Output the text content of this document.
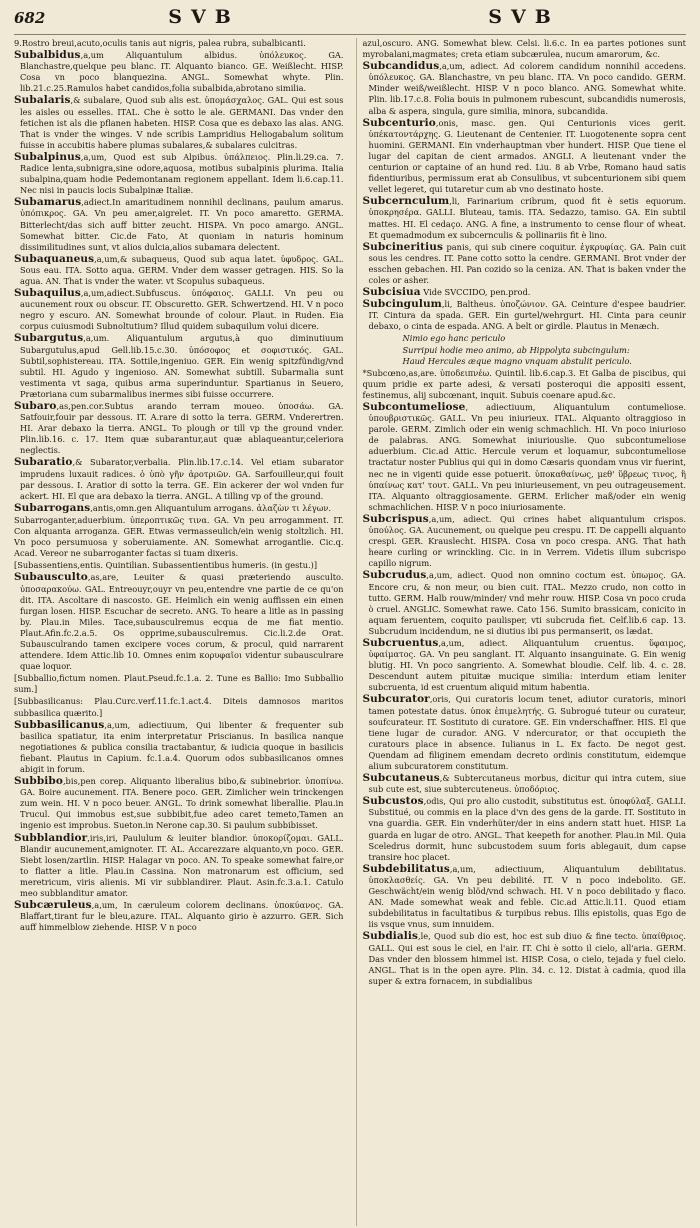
682	SVB	SVB

9.Rostro breui,acuto,oculis tanis aut nigris, palea rubra, subalbicanti.

Subalbidus,a,um Aliquantulum albidus. ὑπόλευκος. GA. Blanchastre,quelque peu blanc. IT. Alquanto bianco. GE. Weißlecht. HISP. Cosa vn poco blanquezina. ANGL. Somewhat whyte. Plin. lib.21.c.25.Ramulos habet candidos,folia subalbida,abrotano similia.

Subalaris,& subalare, Quod sub alis est. ὑπομάσχαλος. GAL. Qui est sous les aisles ou esselles. ITAL. Che è sotto le ale. GERMANI. Das vnder den fetichen ist als die pflanen habeten. HISP. Cosa que es debaxo las alas. ANG. That is vnder the winges. V nde scribis Lampridius Heliogabalum solitum fuisse in accubitis habere plumas subalares,& subalares culcitras.

Subalpinus,a,um, Quod est sub Alpibus. ὑπάλπειος. Plin.li.29.ca. 7. Radice lenta,subnigra,sine odore,aquosa, motibus subalpinis plurima. Italia subalpina,quam hodie Pedemontanam regionem appellant. Idem li.6.cap.11. Nec nisi in paucis locis Subalpinæ Italiæ.

Subamarus,adiect.In amaritudinem nonnihil declinans, paulum amarus. ὑπόπικρος. GA. Vn peu amer,aigrelet. IT. Vn poco amaretto. GERMA. Bitterlecht/das sich auff bitter zeucht. HISPA. Vn poco amargo. ANGL. Somewhat bitter. Cic.de Fato, At quoniam in naturis hominum dissimilitudines sunt, vt alios dulcia,alios subamara delectent.

Subaquaneus,a,um,& subaqueus, Quod sub aqua latet. ὑφυδρος. GAL. Sous eau. ITA. Sotto aqua. GERM. Vnder dem wasser getragen. HIS. So la agua. AN. That is vnder the water. vt Scopulus subaqueus.

Subaquilus,a,um,adiect.Subfuscus. ὑπόφαιος. GALLI. Vn peu ou aucunement roux ou obscur. IT. Obscuretto. GER. Schwertzend. HI. V n poco negro y escuro. AN. Somewhat brounde of colour. Plaut. in Ruden. Eia corpus cuiusmodi Subnoltutium? Illud quidem subaquilum volui dicere.

Subargutus,a,um. Aliquantulum argutus,à quo diminutiuum Subargutulus,apud Gell.lib.15.c.30. ὑπόσοφος et σοφιστικός. GAL. Subtil,sophistereau. ITA. Sottile,ingeniuo. GER. Ein wenig spitzfündig/vnd subtil. HI. Agudo y ingenioso. AN. Somewhat subtill. Subarmalia sunt vestimenta vt saga, quibus arma superinduntur. Spartianus in Seuero, Prætoriana cum subarmalibus inermes sibi fuisse occurrere.

Subaro,as,pen.cor.Subtus arando terram moueo. ὑποσάω. GA. Satfouir,fouir par dessous. IT. A.rare di sotto la terra. GERM. Vnderertren. HI. Arar debaxo la tierra. ANGL. To plough or till vp the ground vnder. Plin.lib.16. c. 17. Item quæ subarantur,aut quæ ablaqueantur,celeriora neglectis.

Subaratio,& Subarator,verbalia. Plin.lib.17.c.14. Vel etiam subarator imprudens luxauit radices. ὁ ὑπὸ γῆν ἀροτριῶν. GA. Sarfouilleur,qui fouit par dessous. I. Aratior di sotto la terra. GE. Ein ackerer der wol vnden fur ackert. HI. El que ara debaxo la tierra. ANGL. A tilling vp of the ground.

Subarrogans,antis,omn.gen Aliquantulum arrogans. ἀλαζὼν τι λέγων.

Subarroganter,aduerbium. ὑπεροπτικῶς τινα. GA. Vn peu arrogamment. IT. Con alquanta arroganza. GER. Etwas vermasseulich/ein wenig stoltzlich. HI. Vn poco persumuosa y soberuiamente. AN. Somewhat arrogantlie. Cic.q. Acad. Vereor ne subarroganter factas si tuam dixeris.

[Subassentiens,entis. Quintilian. Subassentientibus humeris. (in gestu.)]

Subausculto,as,are, Leuiter & quasi præteriendo ausculto. ὑποσαρακούω. GAL. Entreouyr,ouyr vn peu,entendre vne partie de ce qu'on dit. ITA. Ascoltare di nascosto. GE. Heimlich ein wenig auffissen ein einen furgan losen. HISP. Escuchar de secreto. ANG. To heare a litle as in passing by. Plau.in Miles. Tace,subausculremus ecqua de me fiat mentio. Plaut.Afin.fc.2.a.5. Os opprime,subausculremus. Cic.li.2.de Orat. Subausculrando tamen excipere voces corum, & procul, quid narrarent attendere. Idem Attic.lib 10. Omnes enim κορυφαῖοι videntur subausculrare quae loquor.

[Subballio,fictum nomen. Plaut.Pseud.fc.1.a. 2. Tune es Ballio: Imo Subballio sum.]

[Subbasilicanus: Plau.Curc.verf.11.fc.1.act.4. Diteis damnosos maritos subbasilica quærito.]

Subbasilicanus,a,um, adiectiuum, Qui libenter & frequenter sub basilica spatiatur, ita enim interpretatur Priscianus. In basilica nanque negotiationes & publica consilia tractabantur, & iudicia quoque in basilicis fiebant. Plautus in Capium. fc.1.a.4. Quorum odos subbasilicanos omnes abigit in forum.

Subbibo,bis,pen corep. Aliquanto liberalius bibo,& subinebrior. ὑποπίνω. GA. Boire aucunement. ITA. Benere poco. GER. Zimlicher wein trinckengen zum wein. HI. V n poco beuer. ANGL. To drink somewhat liberallie. Plau.in Trucul. Qui immobus est,sue subbibit,fue adeo caret temeto,Tamen an ingenio est improbus. Sueton.in Nerone cap.30. Si paulum subbibisset.

Subblandior,iris,iri, Paululum & leuiter blandior. ὑποκορίζομαι. GALL. Blandir aucunement,amignoter. IT. AL. Accarezzare alquanto,vn poco. GER. Siebt losen/zartlin. HISP. Halagar vn poco. AN. To speake somewhat faire,or to flatter a litle. Plau.in Cassina. Non matronarum est officium, sed meretricum, viris alienis. Mi vir subblandirer. Plaut. Asin.fc.3.a.1. Catulo meo subblanditur amator.

Subcæruleus,a,um, In cæruleum colorem declinans. ὑποκύανος. GA. Blaffart,tirant fur le bleu,azure. ITAL. Alquanto girio è azzurro. GER. Sich auff himmelblow ziehende. HISP. V n poco

azul,oscuro. ANG. Somewhat blew. Celsi. li.6.c. In ea partes potiones sunt myrobalani,magmates; creta etiam subcærulea, nucum amarorum, &c.

Subcandidus,a,um, adiect. Ad colorem candidum nonnihil accedens. ὑπόλευκος. GA. Blanchastre, vn peu blanc. ITA. Vn poco candido. GERM. Minder weiß/weißlecht. HISP. V n poco blanco. ANG. Somewhat white. Plin. lib.17.c.8. Folia bouis in pulmonem rubescunt, subcandidis numerosis, alba & aspera, singula, gure similia, minora, subcandida.

Subcenturio,onis, masc. gen. Qui Centurionis vices gerit. ὑπέκατοντάρχης. G. Lieutenant de Centenier. IT. Luogotenente sopra cent huomini. GERMANI. Ein vnderhauptman vber hundert. HISP. Que tiene el lugar del capitan de cient armados. ANGLI. A lieutenant vnder the centurion or captaine of an hund red. Liu. 8 ab Vrbe, Romano haud satis fidentiuribus, permissum erat ab Consulibus, vt subcenturionem sibi quem vellet legeret, qui tutaretur cum ab vno destinato hoste.

Subcernculum,li, Farinarium cribrum, quod fit è setis equorum. ὑποκρησέρα. GALLI. Bluteau, tamis. ITA. Sedazzo, tamiso. GA. Ein subtil mattes. HI. El cedaço. ANG. A fine, a instrumento to cense flour of wheat. Et quemadmodum ex subcernculis & pollinariis fit è lino.

Subcineritius panis, qui sub cinere coquitur. ἐγκρυφίας. GA. Pain cuit sous les cendres. IT. Pane cotto sotto la cendre. GERMANI. Brot vnder der esschen gebachen. HI. Pan cozido so la ceniza. AN. That is baken vnder the coles or asher.

Subcisiua Vide SVCCIDO, pen.prod.

Subcingulum,li, Baltheus. ὑποζώνιον. GA. Ceinture d'espee baudrier. IT. Cintura da spada. GER. Ein gurtel/wehrgurt. HI. Cinta para ceunir debaxo, o cinta de espada. ANG. A belt or girdle. Plautus in Menæch.

Nimio ego hanc periculo
Surripui hodie meo animo, ab Hippolyta subcingulum:
Haud Hercules æque magno vnquam abstulit periculo.

*Subcœno,as,are. ὑποδειπνέω. Quintil. lib.6.cap.3. Et Galba de piscibus, qui quum pridie ex parte adesi, & versati posteroqui die appositi essent, festinemus, alij subcœnant, inquit. Subuis coenare apud.&c.

Subcontumeliose, adiectiuum, Aliquantulum contumeliose. ὑπουβριστικῶς. GALL. Vn peu iniurieux. ITAL. Alquanto oltraggioso in parole. GERM. Zimlich oder ein wenig schmachlich. HI. Vn poco iniurioso de palabras. ANG. Somewhat iniuriouslie. Quo subcontumeliose aduerbium. Cic.ad Attic. Hercule verum et loquamur, subcontumeliose tractatur noster Publius qui qui in domo Cæsaris quondam vnus vir fuerint, nec ne in vigenti quide esse potuerit. ὑποκαθαίνως, μεθ' ὕβρεως τινος, ἢ ὑπαίνως κατ' τουτ. GALL. Vn peu iniurieusement, vn peu outrageusement. ITA. Alquanto oltraggiosamente. GERM. Erlicher maß/oder ein wenig schmachlichen. HISP. V n poco iniuriosamente.

Subcrispus,a,um, adiect. Qui crines habet aliquantulum crispos. ὑπούλος. GA. Aucunement, ou quelque peu crespu. IT. De cappelli alquanto crespi. GER. Krauslecht. HISPA. Cosa vn poco crespa. ANG. That hath heare curling or wrinckling. Cic. in in Verrem. Videtis illum subcrispo capillo nigrum.

Subcrudus,a,um, adiect. Quod non omnino coctum est. ὑπωμος. GA. Encore cru, & non meur, ou bien cuit. ITAL. Mezzo crudo, non cotto in tutto. GERM. Halb rouw/minder/ vnd mehr rouw. HISP. Cosa vn poco cruda ò cruel. ANGLIC. Somewhat rawe. Cato 156. Sumito brassicam, conicito in aquam feruentem, coquito paulisper, vti subcruda fiet. Celf.lib.6 cap. 13. Subcrudum incidendum, ne si diutius ibi pus permanserit, os lædat.

Subcruentus,a,um, adiect. Aliquantulum cruentus. ὕφαιμος, ὑφαίματος. GA. Vn peu sanglant. IT. Alquanto insanguinate. G. Ein wenig blutig. HI. Vn poco sangriento. A. Somewhat bloudie. Celf. lib. 4. c. 28. Descendunt autem pituitæ mucique similia: interdum etiam leniter subcruenta, id est cruentum aliquid mitum habentia.

Subcurator,oris, Qui curatoris locum tenet, adiutor curatoris, minori tamen potestate datus. ὑποκ ἐπιμελητής. G. Subrogué tuteur ou curateur, soufcurateur. IT. Sostituto di curatore. GE. Ein vnderschaffner. HIS. El que tiene lugar de curador. ANG. V ndercurator, or that occupieth the curatours place in absence. Iulianus in L. Ex facto. De negot gest. Quendam ad filiginem emendam decreto ordinis constitutum, eidemque alium subcuratorem constitutum.

Subcutaneus,& Subtercutaneus morbus, dicitur qui intra cutem, siue sub cute est, siue subtercuteneus. ὑποδόριος.

Subcustos,odis, Qui pro alio custodit, substitutus est. ὑποφύλαξ. GALLI. Substitué, ou commis en la place d'vn des gens de la garde. IT. Sostituto in vna guardia. GER. Ein vnderhüter/der in eins andern statt huet. HISP. La guarda en lugar de otro. ANGL. That keepeth for another. Plau.in Mil. Quia Sceledrus dormit, hunc subcustodem suum foris ablegauit, dum capse transire hoc placet.

Subdebilitatus,a,um, adiectiuum, Aliquantulum debilitatus. ὑποκλασθείς. GA. Vn peu debilité. IT. V n poco indebolito. GE. Geschwächt/ein wenig blöd/vnd schwach. HI. V n poco debilitado y flaco. AN. Made somewhat weak and feble. Cic.ad Attic.li.11. Quod etiam subdebilitatus in facultatibus & turpibus rebus. Illis epistolis, quas Ego de iis vsque vnus, sum innuidem.

Subdialis,le, Quod sub dio est, hoc est sub diuo & fine tecto. ὑπαίθριος. GALL. Qui est sous le ciel, en l'air. IT. Chi è sotto il cielo, all'aria. GERM. Das vnder den blossem himmel ist. HISP. Cosa, o cielo, tejada y fuel cielo. ANGL. That is in the open ayre. Plin. 34. c. 12. Distat à cadmia, quod illa super & extra fornacem, in subdialibus
